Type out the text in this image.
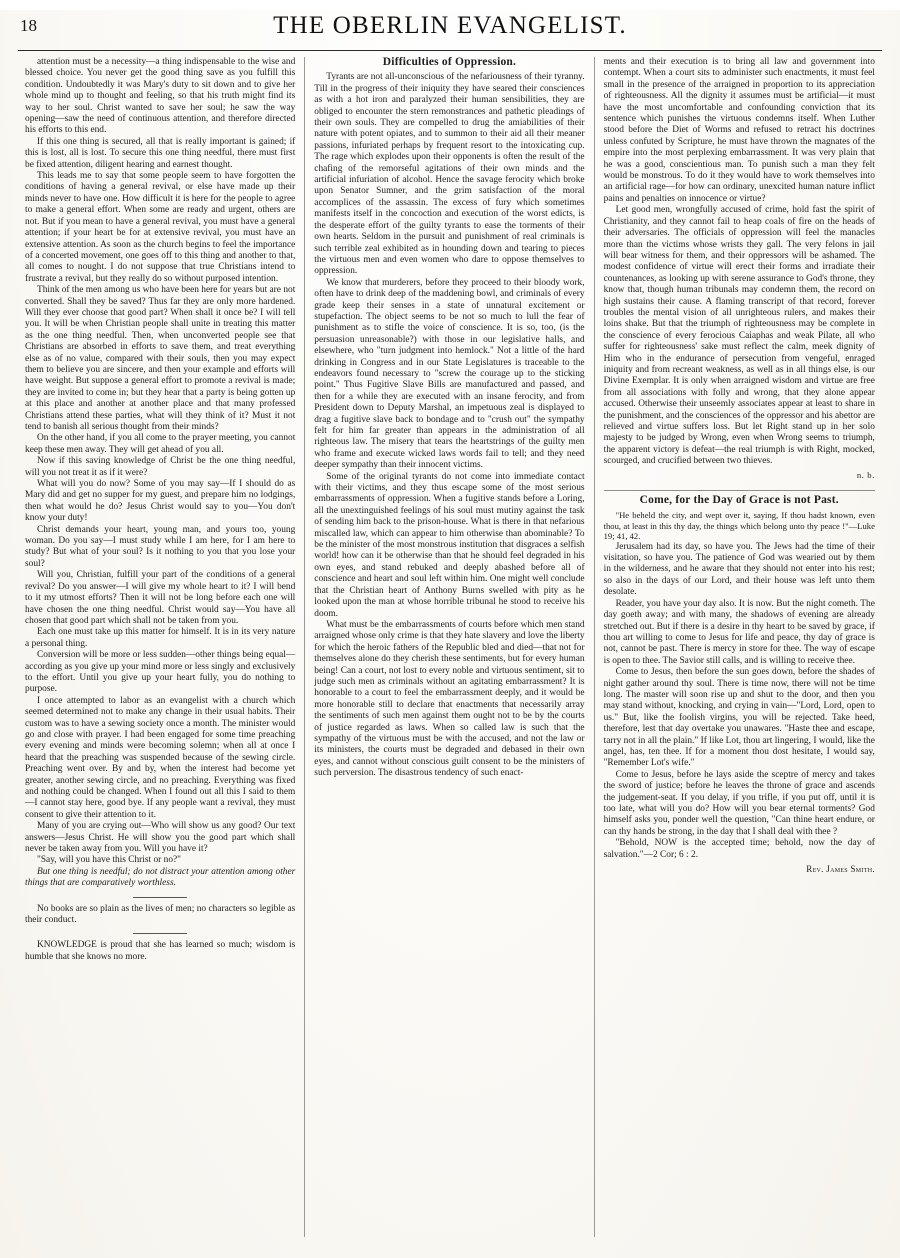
18	THE OBERLIN EVANGELIST.

attention must be a necessity—a thing indispensable to the wise and blessed choice. You never get the good thing save as you fulfill this condition. Undoubtedly it was Mary's duty to sit down and to give her whole mind up to thought and feeling, so that his truth might find its way to her soul. Christ wanted to save her soul; he saw the way opening—saw the need of continuous attention, and therefore directed his efforts to this end.

If this one thing is secured, all that is really important is gained; if this is lost, all is lost. To secure this one thing needful, there must first be fixed attention, diligent hearing and earnest thought.

This leads me to say that some people seem to have forgotten the conditions of having a general revival, or else have made up their minds never to have one. How difficult it is here for the people to agree to make a general effort. When some are ready and urgent, others are not. But if you mean to have a general revival, you must have a general attention; if your heart be for at extensive revival, you must have an extensive attention. As soon as the church begins to feel the importance of a concerted movement, one goes off to this thing and another to that, all comes to nought. I do not suppose that true Christians intend to frustrate a revival, but they really do so without purposed intention.

Think of the men among us who have been here for years but are not converted. Shall they be saved? Thus far they are only more hardened. Will they ever choose that good part? When shall it once be? I will tell you. It will be when Christian people shall unite in treating this matter as the one thing needful. Then, when unconverted people see that Christians are absorbed in efforts to save them, and treat everything else as of no value, compared with their souls, then you may expect them to believe you are sincere, and then your example and efforts will have weight. But suppose a general effort to promote a revival is made; they are invited to come in; but they hear that a party is being gotten up at this place and another at another place and that many professed Christians attend these parties, what will they think of it? Must it not tend to banish all serious thought from their minds?

On the other hand, if you all come to the prayer meeting, you cannot keep these men away. They will get ahead of you all.

Now if this saving knowledge of Christ be the one thing needful, will you not treat it as if it were?

What will you do now? Some of you may say—If I should do as Mary did and get no supper for my guest, and prepare him no lodgings, then what would he do? Jesus Christ would say to you—You don't know your duty!

Christ demands your heart, young man, and yours too, young woman. Do you say—I must study while I am here, for I am here to study? But what of your soul? Is it nothing to you that you lose your soul?

Will you, Christian, fulfill your part of the conditions of a general revival? Do you answer—I will give my whole heart to it? I will bend to it my utmost efforts? Then it will not be long before each one will have chosen the one thing needful. Christ would say—You have all chosen that good part which shall not be taken from you.

Each one must take up this matter for himself. It is in its very nature a personal thing.

Conversion will be more or less sudden—other things being equal—according as you give up your mind more or less singly and exclusively to the effort. Until you give up your heart fully, you do nothing to purpose.

I once attempted to labor as an evangelist with a church which seemed determined not to make any change in their usual habits. Their custom was to have a sewing society once a month. The minister would go and close with prayer. I had been engaged for some time preaching every evening and minds were becoming solemn; when all at once I heard that the preaching was suspended because of the sewing circle. Preaching went over. By and by, when the interest had become yet greater, another sewing circle, and no preaching. Everything was fixed and nothing could be changed. When I found out all this I said to them—I cannot stay here, good bye. If any people want a revival, they must consent to give their attention to it.

Many of you are crying out—Who will show us any good? Our text answers—Jesus Christ. He will show you the good part which shall never be taken away from you. Will you have it?

"Say, will you have this Christ or no?"

But one thing is needful; do not distract your attention among other things that are comparatively worthless.

No books are so plain as the lives of men; no characters so legible as their conduct.

KNOWLEDGE is proud that she has learned so much; wisdom is humble that she knows no more.

Difficulties of Oppression.

Tyrants are not all-unconscious of the nefariousness of their tyranny. Till in the progress of their iniquity they have seared their consciences as with a hot iron and paralyzed their human sensibilities, they are obliged to encounter the stern remonstrances and pathetic pleadings of their own souls. They are compelled to drug the amiabilities of their nature with potent opiates, and to summon to their aid all their meaner passions, infuriated perhaps by frequent resort to the intoxicating cup. The rage which explodes upon their opponents is often the result of the chafing of the remorseful agitations of their own minds and the artificial infuriation of alcohol. Hence the savage ferocity which broke upon Senator Sumner, and the grim satisfaction of the moral accomplices of the assassin. The excess of fury which sometimes manifests itself in the concoction and execution of the worst edicts, is the desperate effort of the guilty tyrants to ease the torments of their own hearts. Seldom in the pursuit and punishment of real criminals is such terrible zeal exhibited as in hounding down and tearing to pieces the virtuous men and even women who dare to oppose themselves to oppression.

We know that murderers, before they proceed to their bloody work, often have to drink deep of the maddening bowl, and criminals of every grade keep their senses in a state of unnatural excitement or stupefaction. The object seems to be not so much to lull the fear of punishment as to stifle the voice of conscience. It is so, too, (is the persuasion unreasonable?) with those in our legislative halls, and elsewhere, who "turn judgment into hemlock." Not a little of the hard drinking in Congress and in our State Legislatures is traceable to the endeavors found necessary to "screw the courage up to the sticking point." Thus Fugitive Slave Bills are manufactured and passed, and then for a while they are executed with an insane ferocity, and from President down to Deputy Marshal, an impetuous zeal is displayed to drag a fugitive slave back to bondage and to "crush out" the sympathy felt for him far greater than appears in the administration of all righteous law. The misery that tears the heartstrings of the guilty men who frame and execute wicked laws words fail to tell; and they need deeper sympathy than their innocent victims.

Some of the original tyrants do not come into immediate contact with their victims, and they thus escape some of the most serious embarrassments of oppression. When a fugitive stands before a Loring, all the unextinguished feelings of his soul must mutiny against the task of sending him back to the prison-house. What is there in that nefarious miscalled law, which can appear to him otherwise than abominable? To be the minister of the most monstrous institution that disgraces a selfish world! how can it be otherwise than that he should feel degraded in his own eyes, and stand rebuked and deeply abashed before all of conscience and heart and soul left within him. One might well conclude that the Christian heart of Anthony Burns swelled with pity as he looked upon the man at whose horrible tribunal he stood to receive his doom.

What must be the embarrassments of courts before which men stand arraigned whose only crime is that they hate slavery and love the liberty for which the heroic fathers of the Republic bled and died—that not for themselves alone do they cherish these sentiments, but for every human being! Can a court, not lost to every noble and virtuous sentiment, sit to judge such men as criminals without an agitating embarrassment? It is honorable to a court to feel the embarrassment deeply, and it would be more honorable still to declare that enactments that necessarily array the sentiments of such men against them ought not to be by the courts of justice regarded as laws. When so called law is such that the sympathy of the virtuous must be with the accused, and not the law or its ministers, the courts must be degraded and debased in their own eyes, and cannot without conscious guilt consent to be the ministers of such perversion. The disastrous tendency of such enact-

ments and their execution is to bring all law and government into contempt. When a court sits to administer such enactments, it must feel small in the presence of the arraigned in proportion to its appreciation of righteousness. All the dignity it assumes must be artificial—it must have the most uncomfortable and confounding conviction that its sentence which punishes the virtuous condemns itself. When Luther stood before the Diet of Worms and refused to retract his doctrines unless confuted by Scripture, he must have thrown the magnates of the empire into the most perplexing embarrassment. It was very plain that he was a good, conscientious man. To punish such a man they felt would be monstrous. To do it they would have to work themselves into an artificial rage—for how can ordinary, unexcited human nature inflict pains and penalties on innocence or virtue?

Let good men, wrongfully accused of crime, hold fast the spirit of Christianity, and they cannot fail to heap coals of fire on the heads of their adversaries. The officials of oppression will feel the manacles more than the victims whose wrists they gall. The very felons in jail will bear witness for them, and their oppressors will be ashamed. The modest confidence of virtue will erect their forms and irradiate their countenances, as looking up with serene assurance to God's throne, they know that, though human tribunals may condemn them, the record on high sustains their cause. A flaming transcript of that record, forever troubles the mental vision of all unrighteous rulers, and makes their loins shake. But that the triumph of righteousness may be complete in the conscience of every ferocious Caiaphas and weak Pilate, all who suffer for righteousness' sake must reflect the calm, meek dignity of Him who in the endurance of persecution from vengeful, enraged iniquity and from recreant weakness, as well as in all things else, is our Divine Exemplar. It is only when arraigned wisdom and virtue are free from all associations with folly and wrong, that they alone appear accused. Otherwise their unseemly associates appear at least to share in the punishment, and the consciences of the oppressor and his abettor are relieved and virtue suffers loss. But let Right stand up in her solo majesty to be judged by Wrong, even when Wrong seems to triumph, the apparent victory is defeat—the real triumph is with Right, mocked, scourged, and crucified between two thieves.

n. b.
Come, for the Day of Grace is not Past.

"He beheld the city, and wept over it, saying, If thou hadst known, even thou, at least in this thy day, the things which belong unto thy peace !"—Luke 19; 41, 42.

Jerusalem had its day, so have you. The Jews had the time of their visitation, so have you. The patience of God was wearied out by them in the wilderness, and he aware that they should not enter into his rest; so also in the days of our Lord, and their house was left unto them desolate.

Reader, you have your day also. It is now. But the night cometh. The day goeth away; and with many, the shadows of evening are already stretched out. But if there is a desire in thy heart to be saved by grace, if thou art willing to come to Jesus for life and peace, thy day of grace is not, cannot be past. There is mercy in store for thee. The way of escape is open to thee. The Savior still calls, and is willing to receive thee.

Come to Jesus, then before the sun goes down, before the shades of night gather around thy soul. There is time now, there will not be time long. The master will soon rise up and shut to the door, and then you may stand without, knocking, and crying in vain—"Lord, Lord, open to us." But, like the foolish virgins, you will be rejected. Take heed, therefore, lest that day overtake you unawares. "Haste thee and escape, tarry not in all the plain." If like Lot, thou art lingering, I would, like the angel, has, ten thee. If for a moment thou dost hesitate, I would say, "Remember Lot's wife."

Come to Jesus, before he lays aside the sceptre of mercy and takes the sword of justice; before he leaves the throne of grace and ascends the judgement-seat. If you delay, if you trifle, if you put off, until it is too late, what will you do? How will you bear eternal torments? God himself asks you, ponder well the question, "Can thine heart endure, or can thy hands be strong, in the day that I shall deal with thee ?

"Behold, NOW is the accepted time; behold, now the day of salvation."—2 Cor; 6 : 2.

Rev. James Smith.
